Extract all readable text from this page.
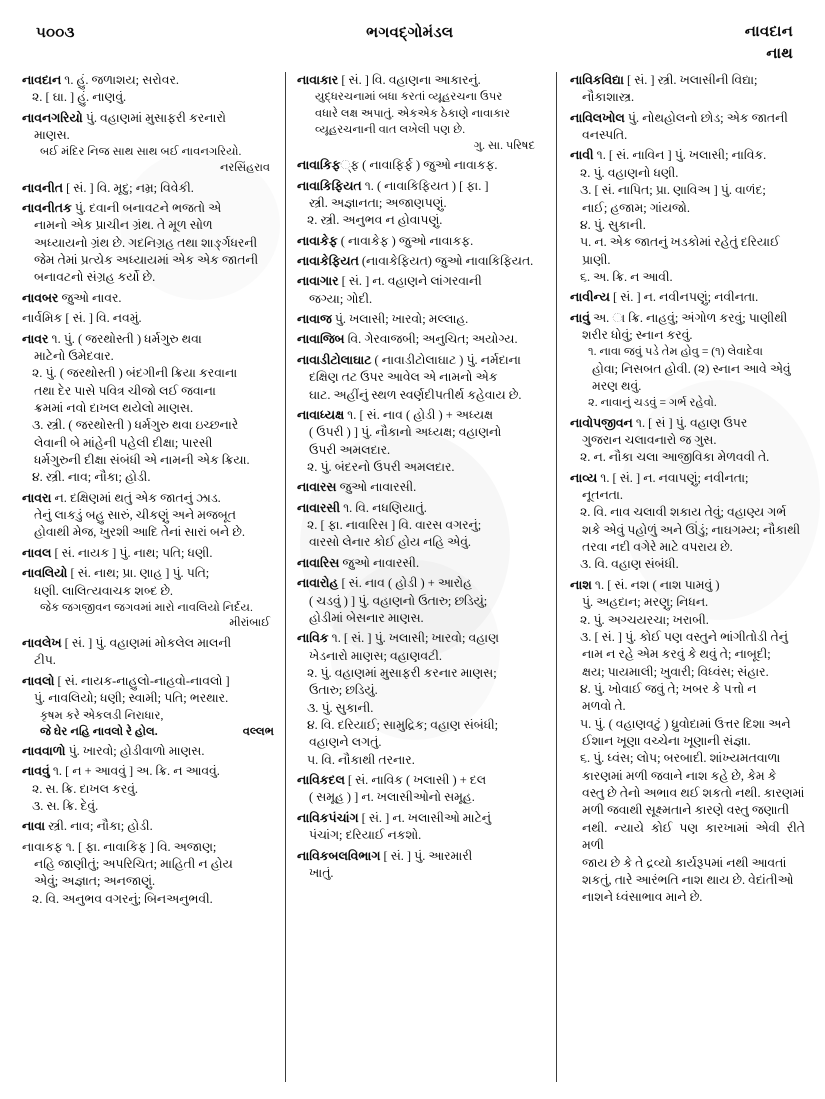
૫૦૦૩	ભગવદ્ગોમંડલ	નાવદાન
નાથ
નાવદાન ૧. હું. જળાશય; સરોવર.
૨. [ ઘા. ] હું. નાણવું.
નાવનગરિયો પું. વહાણમાં મુસાફરી કરનારો
માણસ.
બઈ મંદિર નિજ સાથ સાથ બઈ નાવનગરિયો.
નરસિંહરાવ
નાવનીત [ સં. ] વિ. મૃદુ; નમ્ર; વિવેકી.
નાવનીતક પું. દવાની બનાવટને ભજતો એ
નામનો એક પ્રાચીન ગ્રંથ. તે મૂળ સોળ
અધ્યાયનો ગ્રંથ છે. ગદનિગ્રહ તથા શાર્ઙ્ગધરની
જેમ તેમાં પ્રત્યેક અધ્યાયમાં એક એક જાતની
બનાવટનો સંગ્રહ કર્યો છે.
નાવબર જુઓ નાવર.
નાર્વમિક [ સં. ] વિ. નવમું.
નાવર ૧. પું. ( જરથોસ્તી ) ધર્મગુરુ થવા
માટેનો ઉમેદવાર.
૨. પું. ( જરથોસ્તી ) બંદગીની ક્રિયા કરવાના
તથા દેર પાસે પવિત્ર ચીજો લઈ જવાના
ક્રમમાં નવો દાખલ થયેલો માણસ.
૩. સ્ત્રી. ( જરથોસ્તી ) ધર્મગુરુ થવા ઇચ્છનારે
લેવાની બે માંહેની પહેલી દીક્ષા; પારસી
ધર્મગુરુની દીક્ષા સંબંધી એ નામની એક ક્રિયા.
૪. સ્ત્રી. નાવ; નૌકા; હોડી.
નાવરા ન. દક્ષિણમાં થતું એક જાતનું ઝાડ.
તેનું લાકડું બહુ સારું, ચીકણું અને મજબૂત
હોવાથી મેજ, ખુરશી આદિ તેનાં સારાં બને છે.
નાવલ [ સં. નાયક ] પું. નાથ; પતિ; ધણી.
નાવલિયો [ સં. નાથ; પ્રા. ણાહ ] પું. પતિ;
ધણી. લાલિત્યવાચક શબ્દ છે.
જેક જગજીવન જગવમાં મારો નાવલિયો નિર્દય.
મીરાંબાઈ
નાવલેખ [ સં. ] પું. વહાણમાં મોકલેલ માલની
ટીપ.
નાવલો [ સં. નાયક-નાહુલો-નાહવો-નાવલો ]
પું. નાવલિયો; ધણી; સ્વામી; પતિ; ભરથાર.
કૃષમ કરે એકલડી નિરાધાર,
જે ઘેર નહિ નાવલો રે હોલ.	વલ્લભ
નાવવાળો પું. ખારવો; હોડીવાળો માણસ.
નાવવું ૧. [ ન + આવવું ] અ. ક્રિ. ન આવવું.
૨. સ. ક્રિ. દાખલ કરવું.
૩. સ. ક્રિ. દેવું.
નાવા સ્ત્રી. નાવ; નૌકા; હોડી.
નાવાકફ ૧. [ ફા. નાવાકિફ ] વિ. અજાણ;
નહિ જાણીતું; અપરિચિત; માહિતી ન હોય
એવું; અજ્ઞાત; અનજાણું.
૨. વિ. અનુભવ વગરનું; બિનઅનુભવી.
નાવાકાર [ સં. ] વિ. વહાણના આકારનું.
યુદ્ધરચનામાં બધા કરતાં વ્યૂહરચના ઉપર
વધારે લક્ષ અપાતું. એકએક ઠેકાણે નાવાકાર
વ્યૂહરચનાની વાત લખેલી પણ છે.
ગુ. સા. પરિષદ
નાવાકિફ્ફ ( નાવાફિર્ફ ) જુઓ નાવાકફ.
નાવાકિફિયત ૧. ( નાવાકિફિયત ) [ ફા. ]
સ્ત્રી. અજ્ઞાનતા; અજાણપણું.
૨. સ્ત્રી. અનુભવ ન હોવાપણું.
નાવાકેફ ( નાવાકેફ ) જુઓ નાવાકફ.
નાવાકેફિયત (નાવાકેફિયત) જુઓ નાવાકિફિયત.
નાવાગાર [ સં. ] ન. વહાણને લાંગરવાની
જગ્યા; ગોદી.
નાવાજ પું. ખલાસી; ખારવો; મલ્લાહ.
નાવાજિબ વિ. ગેરવાજબી; અનુચિત; અયોગ્ય.
નાવાડીટોલાઘાટ ( નાવાડીટોલાઘાટ ) પું. નર્મદાના
દક્ષિણ તટ ઉપર આવેલ એ નામનો એક
ઘાટ. અહીંનું સ્થળ સ્વર્ણદીપતીર્થ કહેવાય છે.
નાવાધ્યક્ષ ૧. [ સં. નાવ ( હોડી ) + અધ્યક્ષ
( ઉપરી ) ] પું. નૌકાનો અધ્યક્ષ; વહાણનો
ઉપરી અમલદાર.
૨. પું. બંદરનો ઉપરી અમલદાર.
નાવારસ જુઓ નાવારસી.
નાવારસી ૧. વિ. નધણિયાતું.
૨. [ ફા. નાવારિસ ] વિ. વારસ વગરનું;
વારસો લેનાર કોઈ હોય નહિ એવું.
નાવારિસ જુઓ નાવારસી.
નાવારોહ [ સં. નાવ ( હોડી ) + આરોહ
( ચડવું ) ] પું. વહાણનો ઉતારુ; છડિયું;
હોડીમાં બેસનાર માણસ.
નાવિક ૧. [ સં. ] પું. ખલાસી; ખારવો; વહાણ
ખેડનારો માણસ; વહાણવટી.
૨. પું. વહાણમાં મુસાફરી કરનાર માણસ;
ઉતારુ; છડિયું.
૩. પું. સુકાની.
૪. વિ. દરિયાઈ; સામુદ્રિક; વહાણ સંબંધી;
વહાણને લગતું.
૫. વિ. નૌકાથી તરનાર.
નાવિકદલ [ સં. નાવિક ( ખલાસી ) + દલ
( સમૂહ ) ] ન. ખલાસીઓનો સમૂહ.
નાવિકપંચાંગ [ સં. ] ન. ખલાસીઓ માટેનું
પંચાંગ; દરિયાઈ નકશો.
નાવિકબલવિભાગ [ સં. ] પું. આરમારી
ખાતું.
નાવિકવિદ્યા [ સં. ] સ્ત્રી. ખલાસીની વિદ્યા;
નૌકાશાસ્ત્ર.
નાવિલખોલ પું. નોથહોલનો છોડ; એક જાતની
વનસ્પતિ.
નાવી ૧. [ સં. નાવિન ] પું. ખલાસી; નાવિક.
૨. પું. વહાણનો ધણી.
૩. [ સં. નાપિત; પ્રા. ણાવિઅ ] પું. વાળંદ;
નાઈ; હજામ; ગાંયજો.
૪. પું. સુકાની.
૫. ન. એક જાતનું ખડકોમાં રહેતું દરિયાઈ
પ્રાણી.
૬. અ. ક્રિ. ન આવી.
નાવીન્ય [ સં. ] ન. નવીનપણું; નવીનતા.
નાવું અ. ા ક્રિ. નાહવું; અંગોળ કરવું; પાણીથી
શરીર ધોવું; સ્નાન કરવું.
૧. નાવા જવું પડે તેમ હોવુ = (૧) લેવાદેવા
હોવા; નિસબત હોવી. (૨) સ્નાન આવે એવું
મરણ થવું.
૨. નાવાનું ચડવું = ગર્ભ રહેવો.
નાવોપજીવન ૧. [ સં ] પું. વહાણ ઉપર
ગુજરાન ચલાવનારો જ ગુસ.
૨. ન. નૌકા ચલા આજીવિકા મેળવવી તે.
નાવ્ય ૧. [ સં. ] ન. નવાપણું; નવીનતા;
નૂતનતા.
૨. વિ. નાવ ચલાવી શકાય તેવું; વહાણ્ય ગર્ભ
શકે એવું પહોળું અને ઊંડું; નાઘગમ્ય; નૌકાથી
તરવા નદી વગેરે માટે વપરાય છે.
૩. વિ. વહાણ સંબંધી.
નાશ ૧. [ સં. નશ ( નાશ પામવું )
પું. અહદાન; મરણુ; નિધન.
૨. પું. અગ્ચયરચા; ખરાબી.
૩. [ સં. ] પું. કોઈ પણ વસ્તુને ભાંગીતોડી તેનું
નામ ન રહે એમ કરવું કે થવું તે; નાબૂદી;
ક્ષય; પાયમાલી; ખુવારી; વિધ્વંસ; સંહાર.
૪. પું. ખોવાઈ જવું તે; ખબર કે પત્તો ન
મળવો તે.
૫. પું. ( વહાણવટું ) ધ્રુવોદામાં ઉત્તર દિશા અને
ઈશાન ખૂણા વચ્ચેના ખૂણાની સંજ્ઞા.
૬. પું. ધ્વંસ; લોપ; બરબાદી. શાંખ્યમતવાળા
કારણમાં મળી જવાને નાશ કહે છે, કેમ કે
વસ્તુ છે તેનો અભાવ થઈ શકતો નથી. કારણમાં
મળી જવાથી સૂક્ષ્મતાને કારણે વસ્તુ જણાતી
નથી. ન્યાયે કોઈ પણ કારખામાં એવી રીતે મળી
જાય છે કે તે દ્રવ્યો કાર્યરૂપમાં નથી આવતાં
શકતું, તારે આરંભતિ નાશ થાય છે. વેદાંતીઓ
નાશને ધ્વંસાભાવ માને છે.
